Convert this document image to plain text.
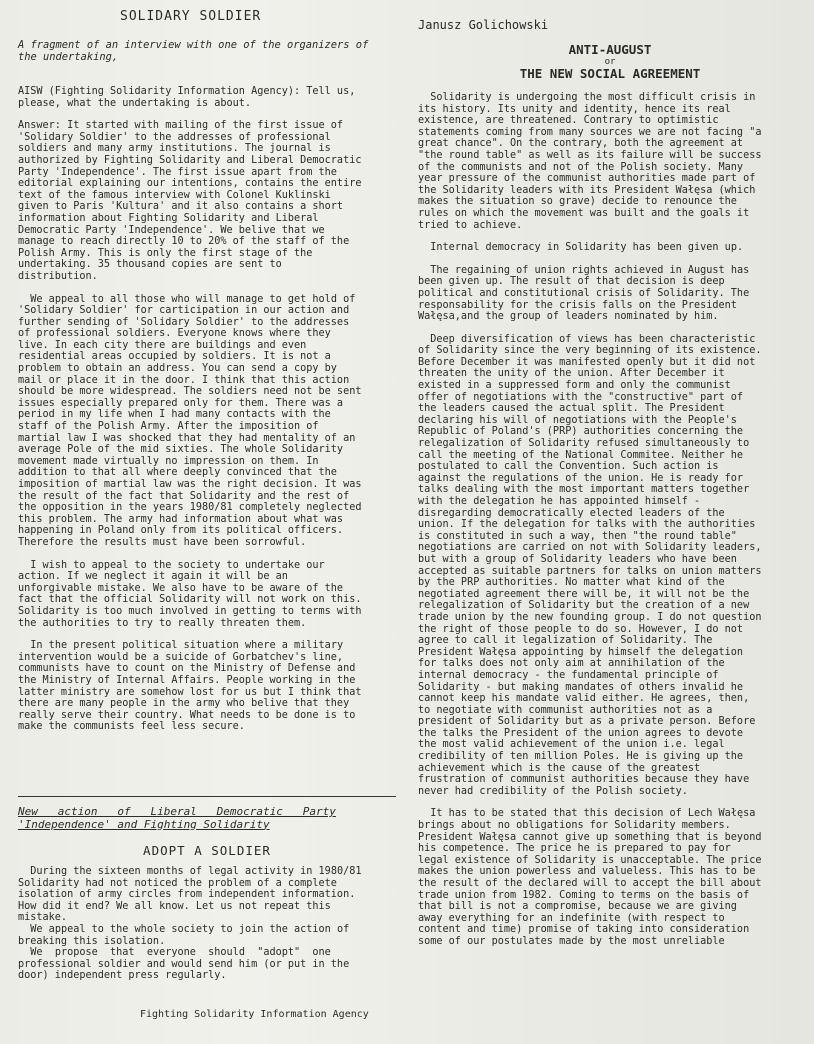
SOLIDARY SOLDIER
A fragment of an interview with one of the organizers of
the undertaking,

AISW (Fighting Solidarity Information Agency): Tell us,
please, what the undertaking is about.

Answer: It started with mailing of the first issue of
'Solidary Soldier' to the addresses of professional
soldiers and many army institutions. The journal is
authorized by Fighting Solidarity and Liberal Democratic
Party 'Independence'. The first issue apart from the
editorial explaining our intentions, contains the entire
text of the famous interview with Colonel Kuklinski
given to Paris 'Kultura' and it also contains a short
information about Fighting Solidarity and Liberal
Democratic Party 'Independence'. We belive that we
manage to reach directly 10 to 20% of the staff of the
Polish Army. This is only the first stage of the
undertaking. 35 thousand copies are sent to
distribution.

We appeal to all those who will manage to get hold of
'Solidary Soldier' for carticipation in our action and
further sending of 'Solidary Soldier' to the addresses
of professional soldiers. Everyone knows where they
live. In each city there are buildings and even
residential areas occupied by soldiers. It is not a
problem to obtain an address. You can send a copy by
mail or place it in the door. I think that this action
should be more widespread. The soldiers need not be sent
issues especially prepared only for them. There was a
period in my life when I had many contacts with the
staff of the Polish Army. After the imposition of
martial law I was shocked that they had mentality of an
average Pole of the mid sixties. The whole Solidarity
movement made virtually no impression on them. In
addition to that all where deeply convinced that the
imposition of martial law was the right decision. It was
the result of the fact that Solidarity and the rest of
the opposition in the years 1980/81 completely neglected
this problem. The army had information about what was
happening in Poland only from its political officers.
Therefore the results must have been sorrowful.

I wish to appeal to the society to undertake our
action. If we neglect it again it will be an
unforgivable mistake. We also have to be aware of the
fact that the official Solidarity will not work on this.
Solidarity is too much involved in getting to terms with
the authorities to try to really threaten them.

In the present political situation where a military
intervention would be a suicide of Gorbatchev's line,
communists have to count on the Ministry of Defense and
the Ministry of Internal Affairs. People working in the
latter ministry are somehow lost for us but I think that
there are many people in the army who belive that they
really serve their country. What needs to be done is to
make the communists feel less secure.

New   action   of   Liberal   Democratic   Party
'Independence' and Fighting Solidarity
ADOPT A SOLDIER

During the sixteen months of legal activity in 1980/81
Solidarity had not noticed the problem of a complete
isolation of army circles from independent information.
How did it end? We all know. Let us not repeat this
mistake.

We appeal to the whole society to join the action of
breaking this isolation.

We  propose  that  everyone  should  "adopt"  one
professional soldier and would send him (or put in the
door) independent press regularly.

Fighting Solidarity Information Agency
Janusz Golichowski
ANTI-AUGUST
or
THE NEW SOCIAL AGREEMENT

Solidarity is undergoing the most difficult crisis in
its history. Its unity and identity, hence its real
existence, are threatened. Contrary to optimistic
statements coming from many sources we are not facing "a
great chance". On the contrary, both the agreement at
"the round table" as well as its failure will be success
of the communists and not of the Polish society. Many
year pressure of the communist authorities made part of
the Solidarity leaders with its President Wałęsa (which
makes the situation so grave) decide to renounce the
rules on which the movement was built and the goals it
tried to achieve.

Internal democracy in Solidarity has been given up.

The regaining of union rights achieved in August has
been given up. The result of that decision is deep
political and constitutional crisis of Solidarity. The
responsability for the crisis falls on the President
Wałęsa,and the group of leaders nominated by him.

Deep diversification of views has been characteristic
of Solidarity since the very beginning of its existence.
Before December it was manifested openly but it did not
threaten the unity of the union. After December it
existed in a suppressed form and only the communist
offer of negotiations with the "constructive" part of
the leaders caused the actual split. The President
declaring his will of negotiations with the People's
Republic of Poland's (PRP) authorities concerning the
relegalization of Solidarity refused simultaneously to
call the meeting of the National Commitee. Neither he
postulated to call the Convention. Such action is
against the regulations of the union. He is ready for
talks dealing with the most important matters together
with the delegation he has appointed himself -
disregarding democratically elected leaders of the
union. If the delegation for talks with the authorities
is constituted in such a way, then "the round table"
negotiations are carried on not with Solidarity leaders,
but with a group of Solidarity leaders who have been
accepted as suitable partners for talks on union matters
by the PRP authorities. No matter what kind of the
negotiated agreement there will be, it will not be the
relegalization of Solidarity but the creation of a new
trade union by the new founding group. I do not question
the right of those people to do so. However, I do not
agree to call it legalization of Solidarity. The
President Wałęsa appointing by himself the delegation
for talks does not only aim at annihilation of the
internal democracy - the fundamental principle of
Solidarity - but making mandates of others invalid he
cannot keep his mandate valid either. He agrees, then,
to negotiate with communist authorities not as a
president of Solidarity but as a private person. Before
the talks the President of the union agrees to devote
the most valid achievement of the union i.e. legal
credibility of ten million Poles. He is giving up the
achievement which is the cause of the greatest
frustration of communist authorities because they have
never had credibility of the Polish society.

It has to be stated that this decision of Lech Wałęsa
brings about no obligations for Solidarity members.
President Wałęsa cannot give up something that is beyond
his competence. The price he is prepared to pay for
legal existence of Solidarity is unacceptable. The price
makes the union powerless and valueless. This has to be
the result of the declared will to accept the bill about
trade union from 1982. Coming to terms on the basis of
that bill is not a compromise, because we are giving
away everything for an indefinite (with respect to
content and time) promise of taking into consideration
some of our postulates made by the most unreliable
